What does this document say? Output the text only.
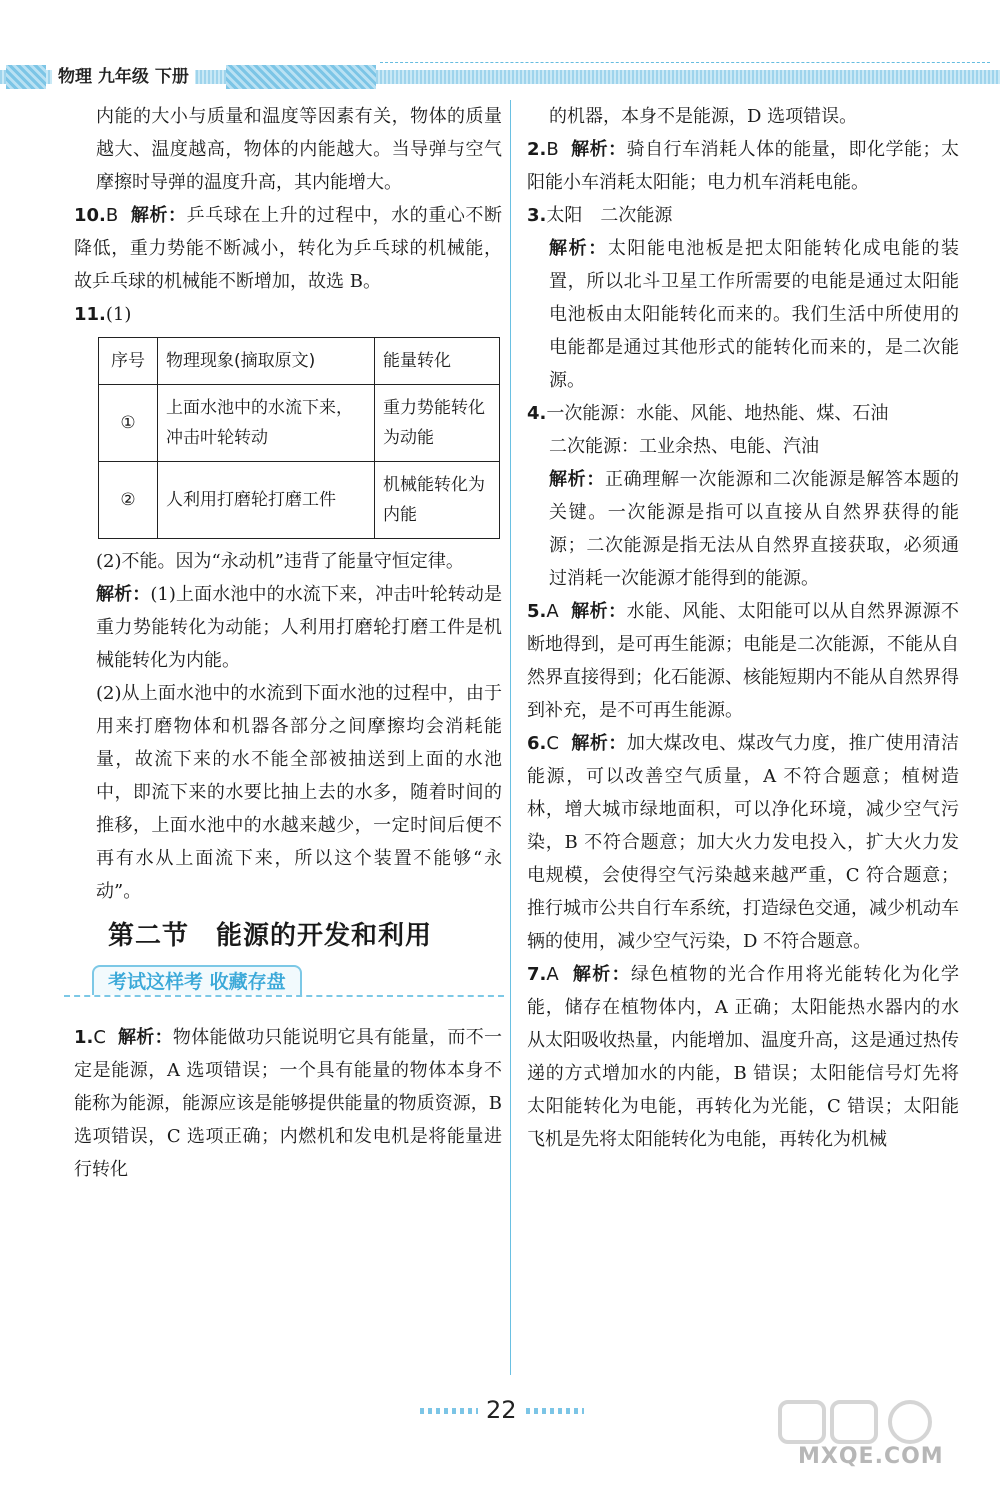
物理 九年级 下册

内能的大小与质量和温度等因素有关，物体的质量越大、温度越高，物体的内能越大。当导弹与空气摩擦时导弹的温度升高，其内能增大。

10.B 解析：乒乓球在上升的过程中，水的重心不断降低，重力势能不断减小，转化为乒乓球的机械能，故乒乓球的机械能不断增加，故选 B。

11.(1)

序号	物理现象(摘取原文)	能量转化
①	上面水池中的水流下来，冲击叶轮转动	重力势能转化为动能
②	人利用打磨轮打磨工件	机械能转化为内能

(2)不能。因为“永动机”违背了能量守恒定律。

解析：(1)上面水池中的水流下来，冲击叶轮转动是重力势能转化为动能；人利用打磨轮打磨工件是机械能转化为内能。

(2)从上面水池中的水流到下面水池的过程中，由于用来打磨物体和机器各部分之间摩擦均会消耗能量，故流下来的水不能全部被抽送到上面的水池中，即流下来的水要比抽上去的水多，随着时间的推移，上面水池中的水越来越少，一定时间后便不再有水从上面流下来，所以这个装置不能够“永动”。

第二节　能源的开发和利用
考试这样考 收藏存盘

1.C 解析：物体能做功只能说明它具有能量，而不一定是能源，A 选项错误；一个具有能量的物体本身不能称为能源，能源应该是能够提供能量的物质资源，B 选项错误，C 选项正确；内燃机和发电机是将能量进行转化

的机器，本身不是能源，D 选项错误。

2.B 解析：骑自行车消耗人体的能量，即化学能；太阳能小车消耗太阳能；电力机车消耗电能。

3.太阳　二次能源

解析：太阳能电池板是把太阳能转化成电能的装置，所以北斗卫星工作所需要的电能是通过太阳能电池板由太阳能转化而来的。我们生活中所使用的电能都是通过其他形式的能转化而来的，是二次能源。

4.一次能源：水能、风能、地热能、煤、石油

二次能源：工业余热、电能、汽油

解析：正确理解一次能源和二次能源是解答本题的关键。一次能源是指可以直接从自然界获得的能源；二次能源是指无法从自然界直接获取，必须通过消耗一次能源才能得到的能源。

5.A 解析：水能、风能、太阳能可以从自然界源源不断地得到，是可再生能源；电能是二次能源，不能从自然界直接得到；化石能源、核能短期内不能从自然界得到补充，是不可再生能源。

6.C 解析：加大煤改电、煤改气力度，推广使用清洁能源，可以改善空气质量，A 不符合题意；植树造林，增大城市绿地面积，可以净化环境，减少空气污染，B 不符合题意；加大火力发电投入，扩大火力发电规模，会使得空气污染越来越严重，C 符合题意；推行城市公共自行车系统，打造绿色交通，减少机动车辆的使用，减少空气污染，D 不符合题意。

7.A 解析：绿色植物的光合作用将光能转化为化学能，储存在植物体内，A 正确；太阳能热水器内的水从太阳吸收热量，内能增加、温度升高，这是通过热传递的方式增加水的内能，B 错误；太阳能信号灯先将太阳能转化为电能，再转化为光能，C 错误；太阳能飞机是先将太阳能转化为电能，再转化为机械

22
MXQE.COM
